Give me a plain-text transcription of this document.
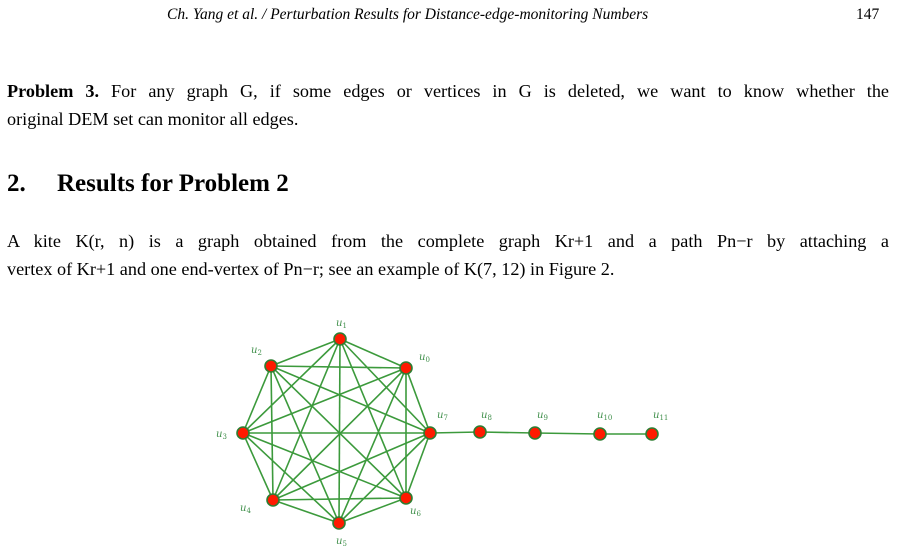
Ch. Yang et al. / Perturbation Results for Distance-edge-monitoring Numbers	147
Problem 3. For any graph G, if some edges or vertices in G is deleted, we want to know whether the
original DEM set can monitor all edges.
2. Results for Problem 2
A kite K(r, n) is a graph obtained from the complete graph Kr+1 and a path Pn−r by attaching a
vertex of Kr+1 and one end-vertex of Pn−r; see an example of K(7, 12) in Figure 2.
$u_0$
$u_1$
$u_2$
$u_3$
$u_4$
$u_5$
$u_6$
$u_7$	$u_8$	$u_9$	$u_{10}$	$u_{11}$
